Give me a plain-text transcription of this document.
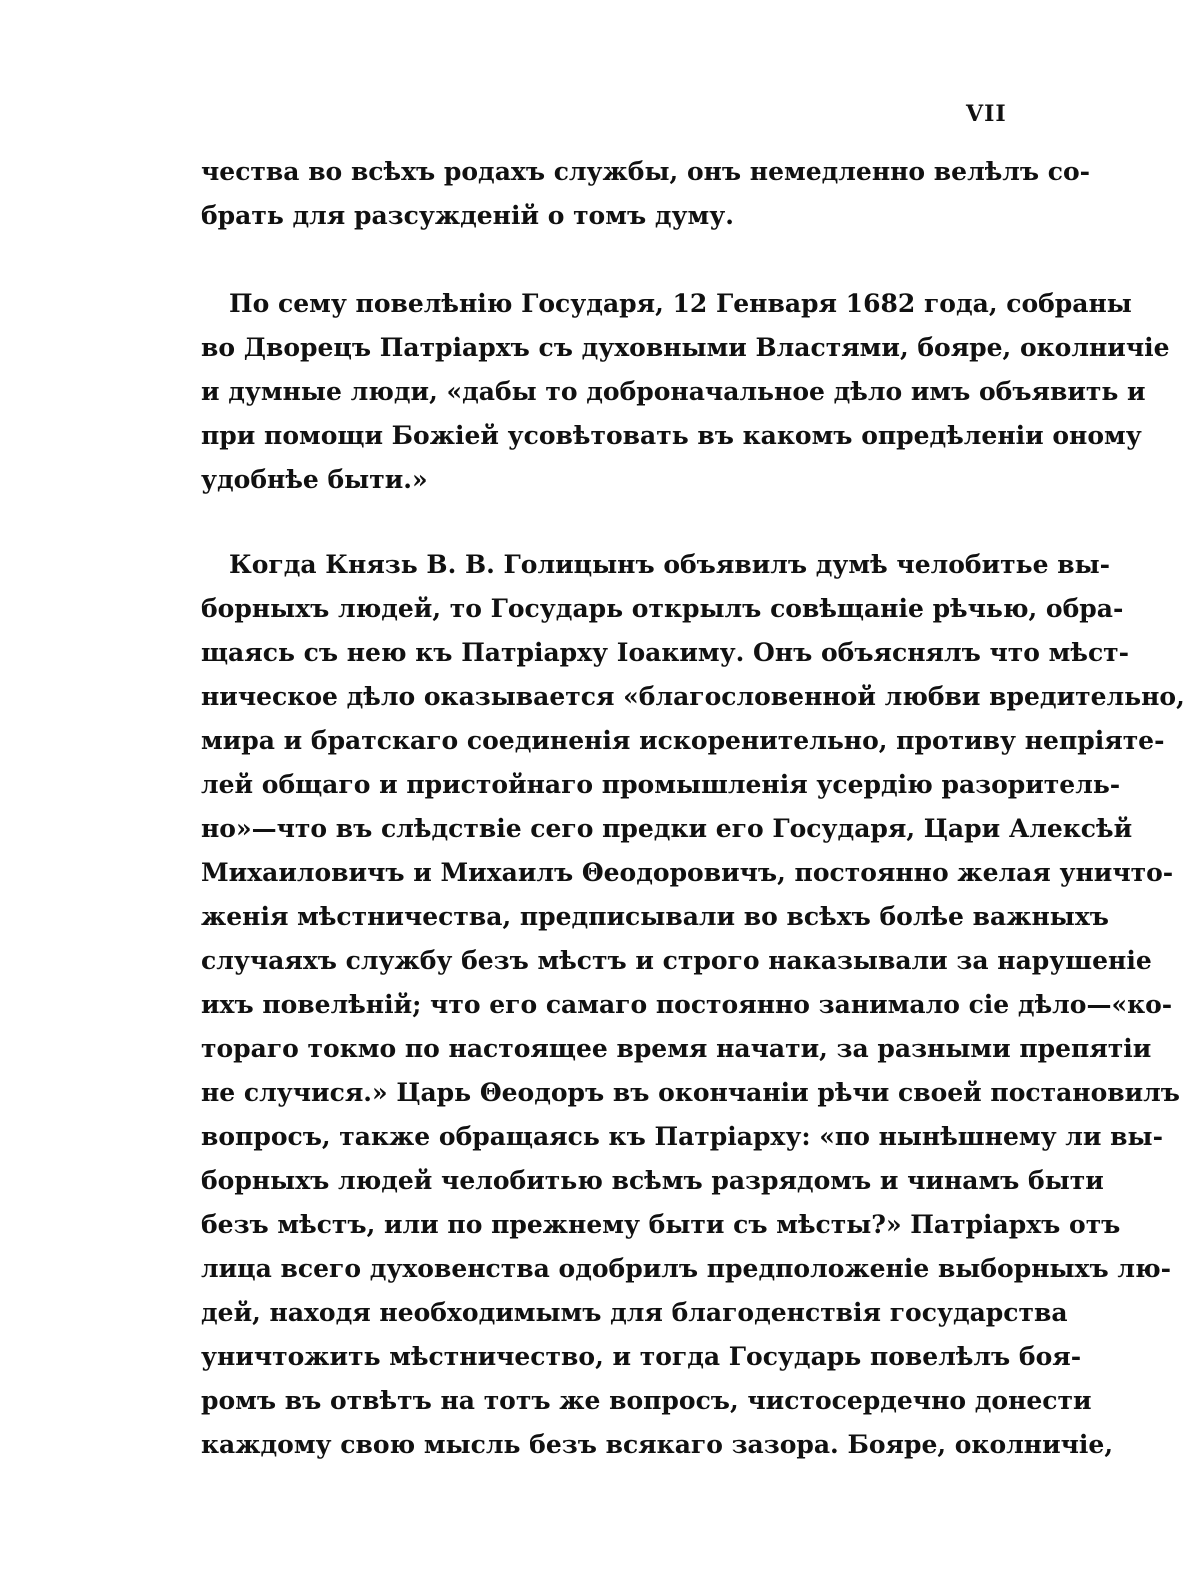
VII
чества во всѣхъ родахъ службы, онъ немедленно велѣлъ со-
брать для разсужденій о томъ думу.
По сему повелѣнію Государя, 12 Генваря 1682 года, собраны
во Дворецъ Патріархъ съ духовными Властями, бояре, околничіе
и думные люди, «дабы то доброначальное дѣло имъ объявить и
при помощи Божіей усовѣтовать въ какомъ опредѣленіи оному
удобнѣе быти.»
Когда Князь В. В. Голицынъ объявилъ думѣ челобитье вы-
борныхъ людей, то Государь открылъ совѣщаніе рѣчью, обра-
щаясь съ нею къ Патріарху Іоакиму. Онъ объяснялъ что мѣст-
ническое дѣло оказывается «благословенной любви вредительно,
мира и братскаго соединенія искоренительно, противу непріяте-
лей общаго и пристойнаго промышленія усердію разоритель-
но»—что въ слѣдствіе сего предки его Государя, Цари Алексѣй
Михаиловичъ и Михаилъ Θеодоровичъ, постоянно желая уничто-
женія мѣстничества, предписывали во всѣхъ болѣе важныхъ
случаяхъ службу безъ мѣстъ и строго наказывали за нарушеніе
ихъ повелѣній; что его самаго постоянно занимало сіе дѣло—«ко-
тораго токмо по настоящее время начати, за разными препятіи
не случися.» Царь Θеодоръ въ окончаніи рѣчи своей постановилъ
вопросъ, также обращаясь къ Патріарху: «по нынѣшнему ли вы-
борныхъ людей челобитью всѣмъ разрядомъ и чинамъ быти
безъ мѣстъ, или по прежнему быти съ мѣсты?» Патріархъ отъ
лица всего духовенства одобрилъ предположеніе выборныхъ лю-
дей, находя необходимымъ для благоденствія государства
уничтожить мѣстничество, и тогда Государь повелѣлъ боя-
ромъ въ отвѣтъ на тотъ же вопросъ, чистосердечно донести
каждому свою мысль безъ всякаго зазора. Бояре, околничіе,
